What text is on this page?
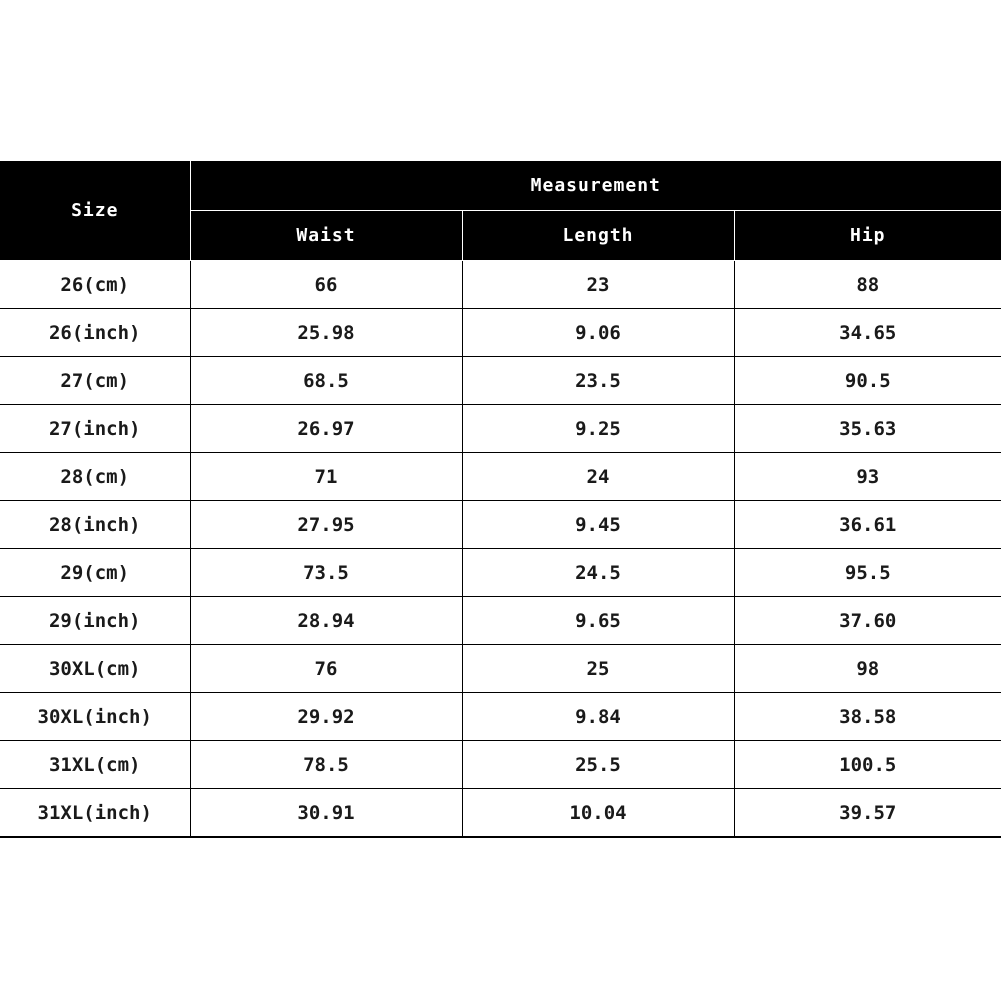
Size	Measurement		
	Waist	Length	Hip
26(cm)	66	23	88
26(inch)	25.98	9.06	34.65
27(cm)	68.5	23.5	90.5
27(inch)	26.97	9.25	35.63
28(cm)	71	24	93
28(inch)	27.95	9.45	36.61
29(cm)	73.5	24.5	95.5
29(inch)	28.94	9.65	37.60
30XL(cm)	76	25	98
30XL(inch)	29.92	9.84	38.58
31XL(cm)	78.5	25.5	100.5
31XL(inch)	30.91	10.04	39.57
